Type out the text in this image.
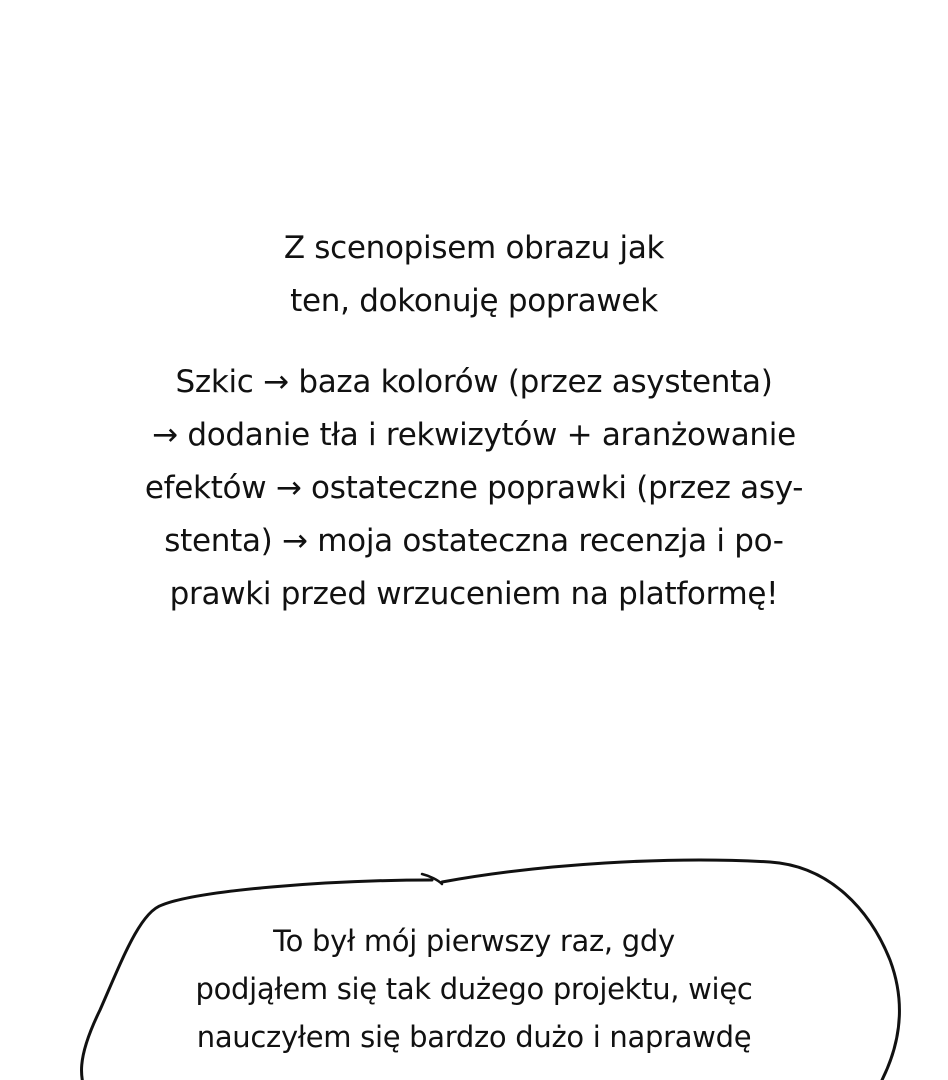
Z scenopisem obrazu jak
ten, dokonuję poprawek
Szkic → baza kolorów (przez asystenta)
→ dodanie tła i rekwizytów + aranżowanie
efektów → ostateczne poprawki (przez asy-
stenta) → moja ostateczna recenzja i po-
prawki przed wrzuceniem na platformę!
To był mój pierwszy raz, gdy
podjąłem się tak dużego projektu, więc
nauczyłem się bardzo dużo i naprawdę
